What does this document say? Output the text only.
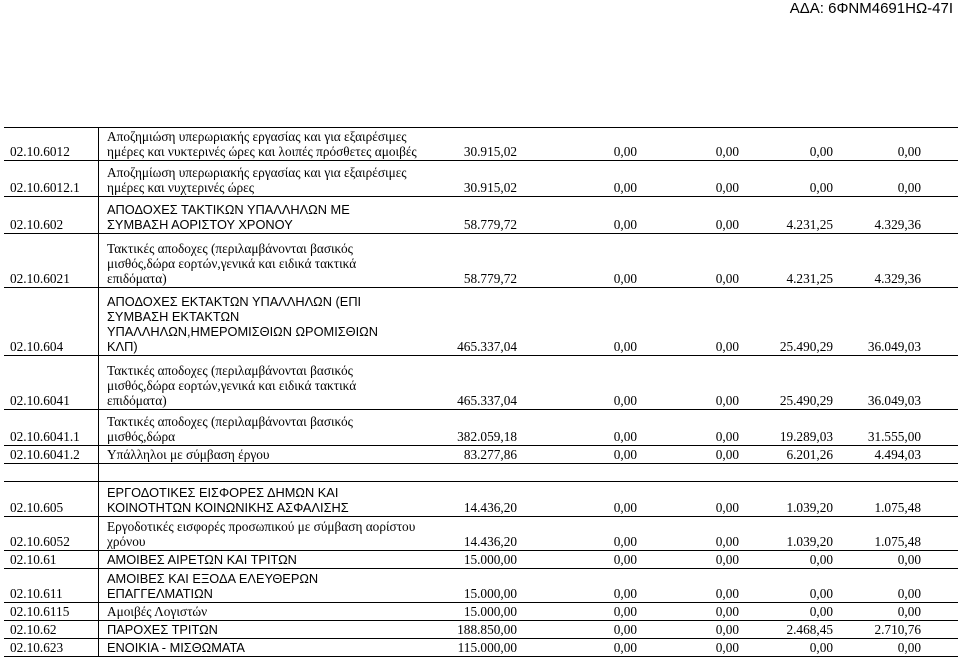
ΑΔΑ: 6ΦΝΜ4691ΗΩ-47Ι
02.10.6012
Αποζημιώση υπερωριακής εργασίας και για εξαιρέσιμες
ημέρες και νυκτερινές ώρες και λοιπές πρόσθετες αμοιβές	30.915,02	0,00	0,00	0,00	0,00
02.10.6012.1
Αποζημίωση υπερωριακής εργασίας και για εξαιρέσιμες
ημέρες και νυχτερινές ώρες	30.915,02	0,00	0,00	0,00	0,00
02.10.602
ΑΠΟΔΟΧΕΣ ΤΑΚΤΙΚΩΝ ΥΠΑΛΛΗΛΩΝ ΜΕ
ΣΥΜΒΑΣΗ ΑΟΡΙΣΤΟΥ ΧΡΟΝΟΥ	58.779,72	0,00	0,00	4.231,25	4.329,36
02.10.6021
Τακτικές αποδοχες (περιλαμβάνονται βασικός
μισθός,δώρα εορτών,γενικά και ειδικά τακτικά
επιδόματα)	58.779,72	0,00	0,00	4.231,25	4.329,36
02.10.604
ΑΠΟΔΟΧΕΣ ΕΚΤΑΚΤΩΝ ΥΠΑΛΛΗΛΩΝ (ΕΠΙ
ΣΥΜΒΑΣΗ ΕΚΤΑΚΤΩΝ
ΥΠΑΛΛΗΛΩΝ,ΗΜΕΡΟΜΙΣΘΙΩΝ ΩΡΟΜΙΣΘΙΩΝ
ΚΛΠ)	465.337,04	0,00	0,00	25.490,29	36.049,03
02.10.6041
Τακτικές αποδοχες (περιλαμβάνονται βασικός
μισθός,δώρα εορτών,γενικά και ειδικά τακτικά
επιδόματα)	465.337,04	0,00	0,00	25.490,29	36.049,03
02.10.6041.1
Τακτικές αποδοχες (περιλαμβάνονται βασικός
μισθός,δώρα	382.059,18	0,00	0,00	19.289,03	31.555,00
02.10.6041.2 Υπάλληλοι με σύμβαση έργου	83.277,86	0,00	0,00	6.201,26	4.494,03
02.10.605
ΕΡΓΟΔΟΤΙΚΕΣ ΕΙΣΦΟΡΕΣ ΔΗΜΩΝ ΚΑΙ
ΚΟΙΝΟΤΗΤΩΝ ΚΟΙΝΩΝΙΚΗΣ ΑΣΦΑΛΙΣΗΣ	14.436,20	0,00	0,00	1.039,20	1.075,48
02.10.6052
Εργοδοτικές εισφορές προσωπικού με σύμβαση αορίστου
χρόνου	14.436,20	0,00	0,00	1.039,20	1.075,48
02.10.61	ΑΜΟΙΒΕΣ ΑΙΡΕΤΩΝ ΚΑΙ ΤΡΙΤΩΝ	15.000,00	0,00	0,00	0,00	0,00
02.10.611
ΑΜΟΙΒΕΣ ΚΑΙ ΕΞΟΔΑ ΕΛΕΥΘΕΡΩΝ
ΕΠΑΓΓΕΛΜΑΤΙΩΝ	15.000,00	0,00	0,00	0,00	0,00
02.10.6115	Αμοιβές Λογιστών	15.000,00	0,00	0,00	0,00	0,00
02.10.62	ΠΑΡΟΧΕΣ ΤΡΙΤΩΝ	188.850,00	0,00	0,00	2.468,45	2.710,76
02.10.623	ΕΝΟΙΚΙΑ - ΜΙΣΘΩΜΑΤΑ	115.000,00	0,00	0,00	0,00	0,00
